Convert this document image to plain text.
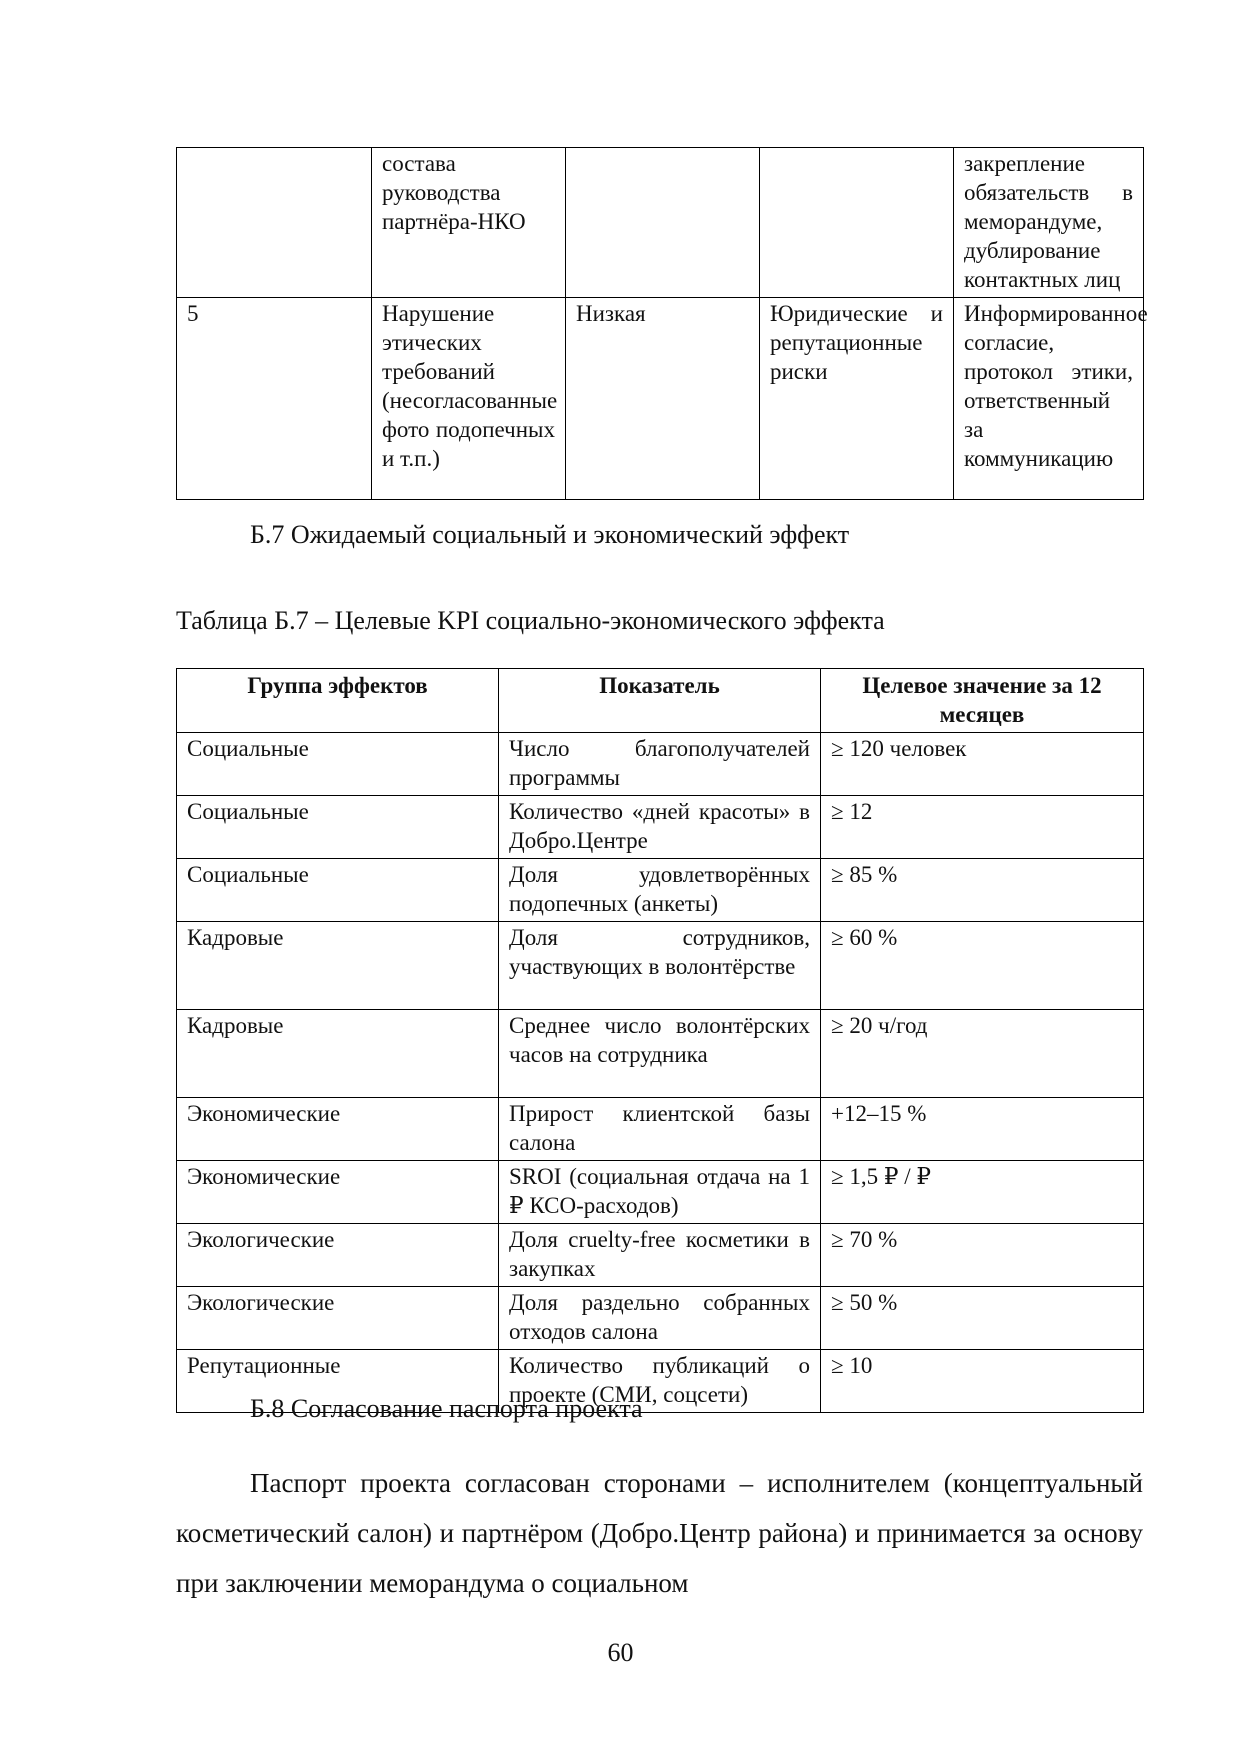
	состава руководства партнёра-НКО			закрепление обязательств в меморандуме, дублирование контактных лиц
5	Нарушение этических требований (несогласованные фото подопечных и т.п.)	Низкая	Юридические и репутационные риски	Информированное согласие, протокол этики, ответственный за коммуникацию

Б.7 Ожидаемый социальный и экономический эффект

Таблица Б.7 – Целевые KPI социально-экономического эффекта

Группа эффектов	Показатель	Целевое значение за 12 месяцев
Социальные	Число благополучателей программы	≥ 120 человек
Социальные	Количество «дней красоты» в Добро.Центре	≥ 12
Социальные	Доля удовлетворённых подопечных (анкеты)	≥ 85 %
Кадровые	Доля сотрудников, участвующих в волонтёрстве	≥ 60 %
Кадровые	Среднее число волонтёрских часов на сотрудника	≥ 20 ч/год
Экономические	Прирост клиентской базы салона	+12–15 %
Экономические	SROI (социальная отдача на 1 ₽ КСО-расходов)	≥ 1,5 ₽ / ₽
Экологические	Доля cruelty-free косметики в закупках	≥ 70 %
Экологические	Доля раздельно собранных отходов салона	≥ 50 %
Репутационные	Количество публикаций о проекте (СМИ, соцсети)	≥ 10

Б.8 Согласование паспорта проекта

Паспорт проекта согласован сторонами – исполнителем (концептуальный косметический салон) и партнёром (Добро.Центр района) и принимается за основу при заключении меморандума о социальном

60
